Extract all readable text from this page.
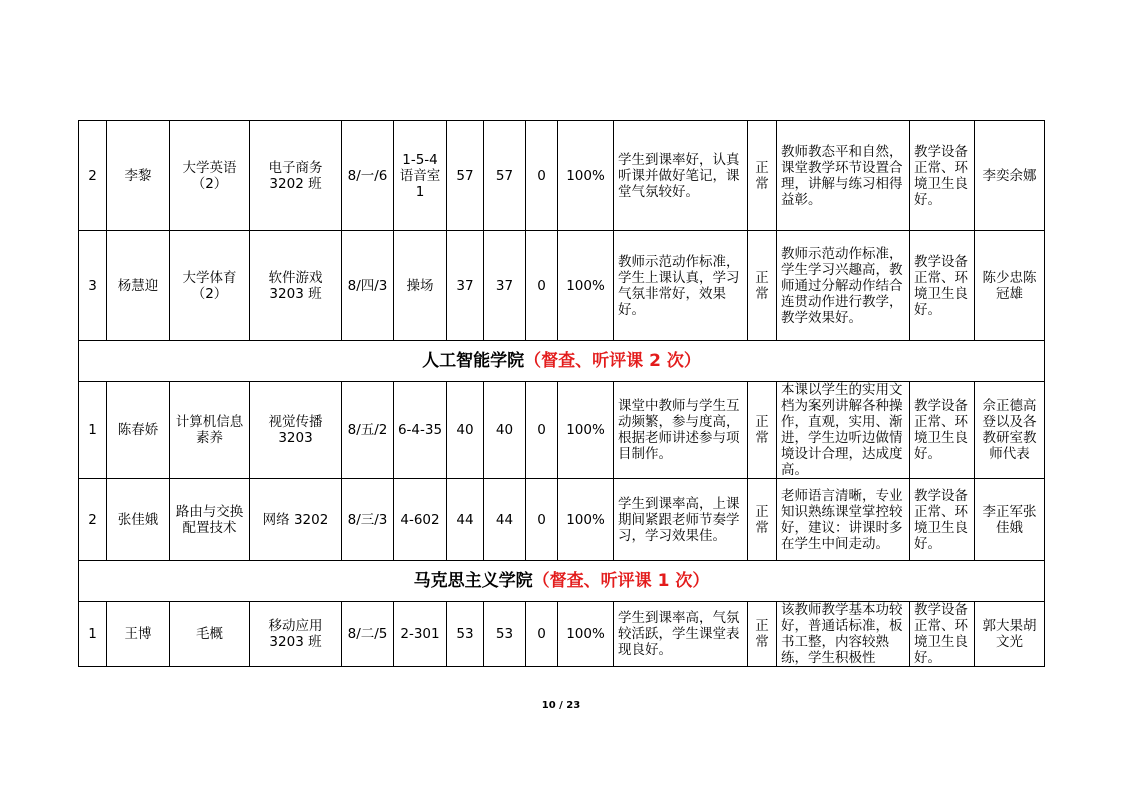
2	李黎	大学英语（2）	电子商务3202 班	8/一/6	1-5-4语音室 1	57	57	0	100%	学生到课率好，认真听课并做好笔记，课堂气氛较好。	正常	教师教态平和自然，课堂教学环节设置合理，讲解与练习相得益彰。	教学设备正常、环境卫生良好。	李奕余娜
3	杨慧迎	大学体育（2）	软件游戏3203 班	8/四/3	操场	37	37	0	100%	教师示范动作标准，学生上课认真，学习气氛非常好，效果好。	正常	教师示范动作标准，学生学习兴趣高，教师通过分解动作结合连贯动作进行教学，教学效果好。	教学设备正常、环境卫生良好。	陈少忠陈冠雄
人工智能学院（督查、听评课 2 次）														
1	陈春娇	计算机信息素养	视觉传播3203	8/五/2	6-4-35	40	40	0	100%	课堂中教师与学生互动频繁，参与度高，根据老师讲述参与项目制作。	正常	本课以学生的实用文档为案列讲解各种操作，直观，实用、渐进，学生边听边做情境设计合理，达成度高。	教学设备正常、环境卫生良好。	佘正德高登以及各教研室教师代表
2	张佳娥	路由与交换配置技术	网络 3202	8/三/3	4-602	44	44	0	100%	学生到课率高，上课期间紧跟老师节奏学习，学习效果佳。	正常	老师语言清晰，专业知识熟练课堂掌控较好，建议：讲课时多在学生中间走动。	教学设备正常、环境卫生良好。	李正军张佳娥
马克思主义学院（督查、听评课 1 次）														
1	王博	毛概	移动应用3203 班	8/二/5	2-301	53	53	0	100%	学生到课率高，气氛较活跃，学生课堂表现良好。	正常	该教师教学基本功较好，普通话标准，板书工整，内容较熟练，学生积极性	教学设备正常、环境卫生良好。	郭大果胡文光
10 / 23
